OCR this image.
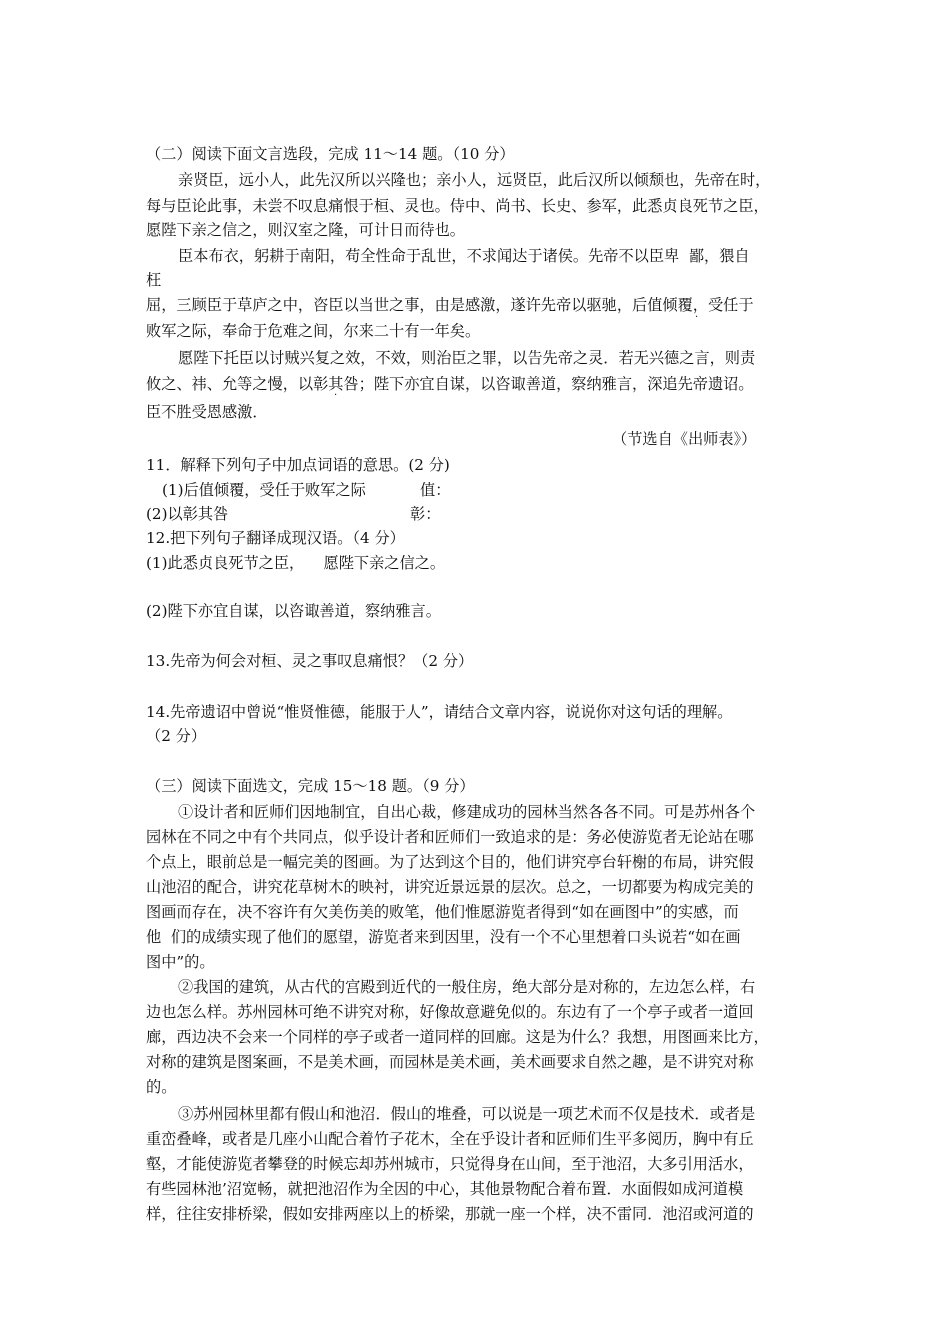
（二）阅读下面文言选段，完成 11～14 题。（10 分）
亲贤臣，远小人，此先汉所以兴隆也；亲小人，远贤臣，此后汉所以倾颓也，先帝在时，
每与臣论此事，未尝不叹息痛恨于桓、灵也。侍中、尚书、长史、参军，此悉贞良死节之臣，
愿陛下亲之信之，则汉室之隆，可计日而待也。
臣本布衣，躬耕于南阳，苟全性命于乱世，不求闻达于诸侯。先帝不以臣卑  鄙，猥自
枉
屈，三顾臣于草庐之中，咨臣以当世之事，由是感激，遂许先帝以驱驰，后值倾覆，受任于
·
败军之际，奉命于危难之间，尔来二十有一年矣。
愿陛下托臣以讨贼兴复之效，不效，则治臣之罪，以告先帝之灵．若无兴德之言，则责
攸之、祎、允等之慢，以彰其咎；陛下亦宜自谋，以咨诹善道，察纳雅言，深追先帝遗诏。
·
臣不胜受恩感激．
（节选自《出师表》）
11．解释下列句子中加点词语的意思。(2 分)
(1)后值倾覆，受任于败军之际	值：
(2)以彰其咎	彰：
12.把下列句子翻译成现汉语。（4 分）
(1)此悉贞良死节之臣，    愿陛下亲之信之。
(2)陛下亦宜自谋，以咨诹善道，察纳雅言。
13.先帝为何会对桓、灵之事叹息痛恨？（2 分）
14.先帝遗诏中曾说“惟贤惟德，能服于人”，请结合文章内容，说说你对这句话的理解。
（2 分）
（三）阅读下面选文，完成 15～18 题。（9 分）
①设计者和匠师们因地制宜，自出心裁，修建成功的园林当然各各不同。可是苏州各个
园林在不同之中有个共同点，似乎设计者和匠师们一致追求的是：务必使游览者无论站在哪
个点上，眼前总是一幅完美的图画。为了达到这个目的，他们讲究亭台轩榭的布局，讲究假
山池沼的配合，讲究花草树木的映衬，讲究近景远景的层次。总之，一切都要为构成完美的
图画而存在，决不容许有欠美伤美的败笔，他们惟愿游览者得到“如在画图中”的实感，而
他  们的成绩实现了他们的愿望，游览者来到因里，没有一个不心里想着口头说若“如在画
图中”的。
②我国的建筑，从古代的宫殿到近代的一般住房，绝大部分是对称的，左边怎么样，右
边也怎么样。苏州园林可绝不讲究对称，好像故意避免似的。东边有了一个亭子或者一道回
廊，西边决不会来一个同样的亭子或者一道同样的回廊。这是为什么？我想，用图画来比方，
对称的建筑是图案画，不是美术画，而园林是美术画，美术画要求自然之趣，是不讲究对称
的。
③苏州园林里都有假山和池沼．假山的堆叠，可以说是一项艺术而不仅是技术．或者是
重峦叠峰，或者是几座小山配合着竹子花木，全在乎设计者和匠师们生平多阅历，胸中有丘
壑，才能使游览者攀登的时候忘却苏州城市，只觉得身在山间，至于池沼，大多引用活水，
有些园林池’沼宽畅，就把池沼作为全因的中心，其他景物配合着布置．水面假如成河道模
样，往往安排桥梁，假如安排两座以上的桥梁，那就一座一个样，决不雷同．池沼或河道的
